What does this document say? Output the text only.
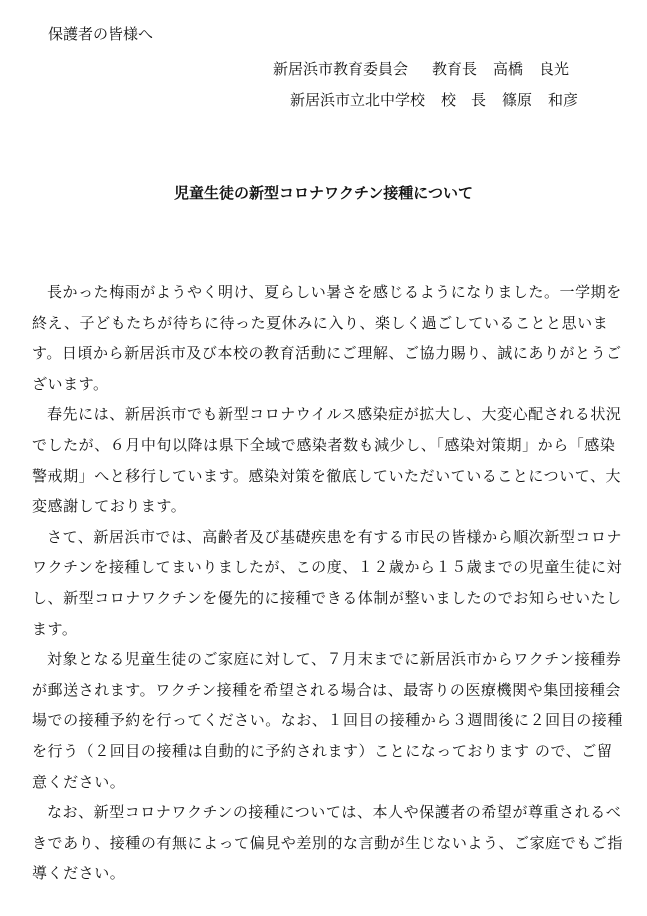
保護者の皆様へ
新居浜市教育委員会 教育長 高橋 良光
新居浜市立北中学校 校　長 篠原 和彦
児童生徒の新型コロナワクチン接種について

長かった梅雨がようやく明け、夏らしい暑さを感じるようになりました。一学期を終え、子どもたちが待ちに待った夏休みに入り、楽しく過ごしていることと思います。日頃から新居浜市及び本校の教育活動にご理解、ご協力賜り、誠にありがとうございます。

春先には、新居浜市でも新型コロナウイルス感染症が拡大し、大変心配される状況でしたが、６月中旬以降は県下全域で感染者数も減少し、「感染対策期」から「感染警戒期」へと移行しています。感染対策を徹底していただいていることについて、大変感謝しております。

さて、新居浜市では、高齢者及び基礎疾患を有する市民の皆様から順次新型コロナワクチンを接種してまいりましたが、この度、１２歳から１５歳までの児童生徒に対し、新型コロナワクチンを優先的に接種できる体制が整いましたのでお知らせいたします。

対象となる児童生徒のご家庭に対して、７月末までに新居浜市からワクチン接種券が郵送されます。ワクチン接種を希望される場合は、最寄りの医療機関や集団接種会場での接種予約を行ってください。なお、１回目の接種から３週間後に２回目の接種を行う（２回目の接種は自動的に予約されます）ことになっております ので、ご留意ください。

なお、新型コロナワクチンの接種については、本人や保護者の希望が尊重されるべきであり、接種の有無によって偏見や差別的な言動が生じないよう、ご家庭でもご指導ください。
